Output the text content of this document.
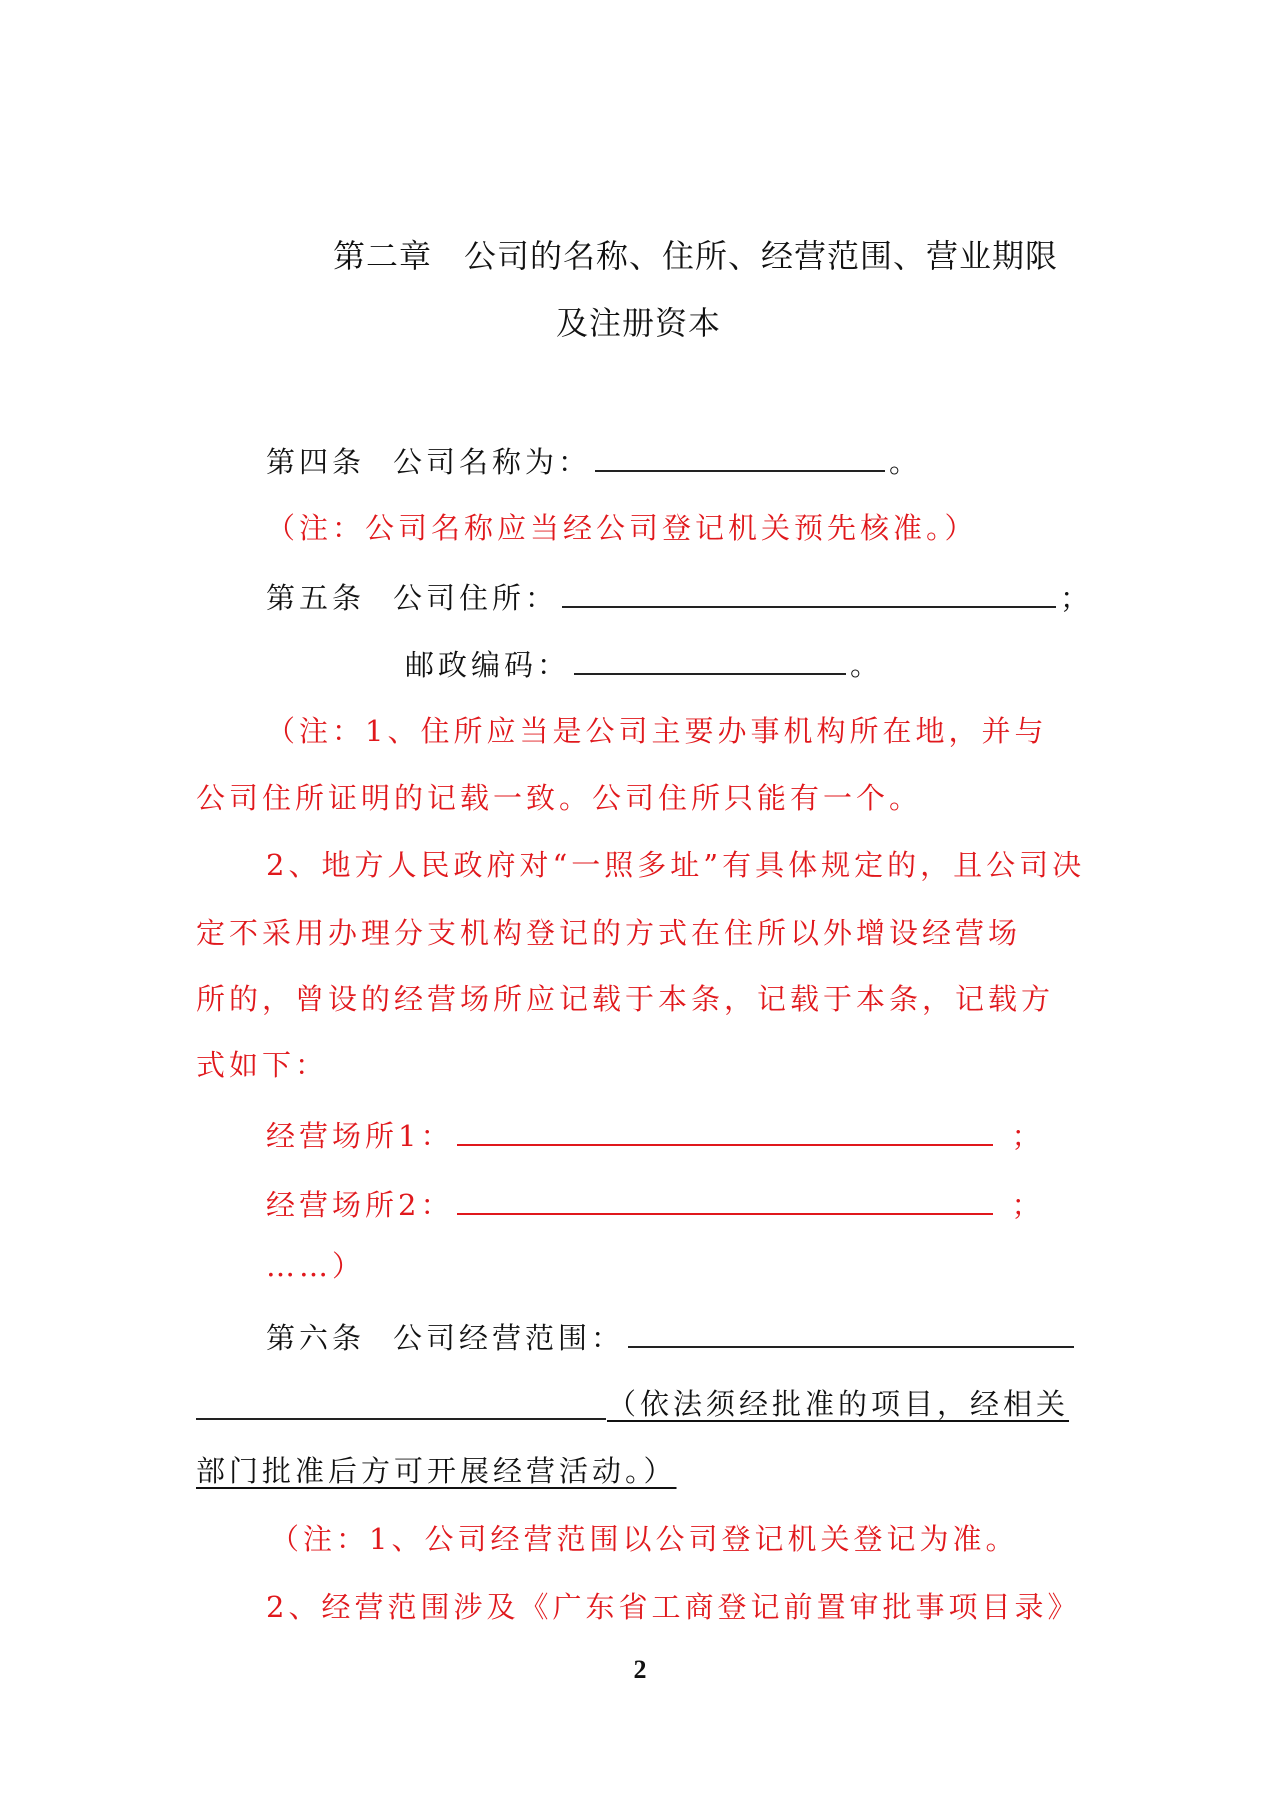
第二章 公司的名称、住所、经营范围、营业期限
及注册资本
第四条 公司名称为：	。
（注：公司名称应当经公司登记机关预先核准。）
第五条 公司住所：	；
邮政编码：	。
（注：1、住所应当是公司主要办事机构所在地，并与
公司住所证明的记载一致。公司住所只能有一个。
2、地方人民政府对“一照多址”有具体规定的，且公司决
定不采用办理分支机构登记的方式在住所以外增设经营场
所的，曾设的经营场所应记载于本条，记载于本条，记载方
式如下：
经营场所1：	；
经营场所2：	；
……）
第六条 公司经营范围：
（依法须经批准的项目，经相关
部门批准后方可开展经营活动。）
（注：1、公司经营范围以公司登记机关登记为准。
2、经营范围涉及《广东省工商登记前置审批事项目录》
2
